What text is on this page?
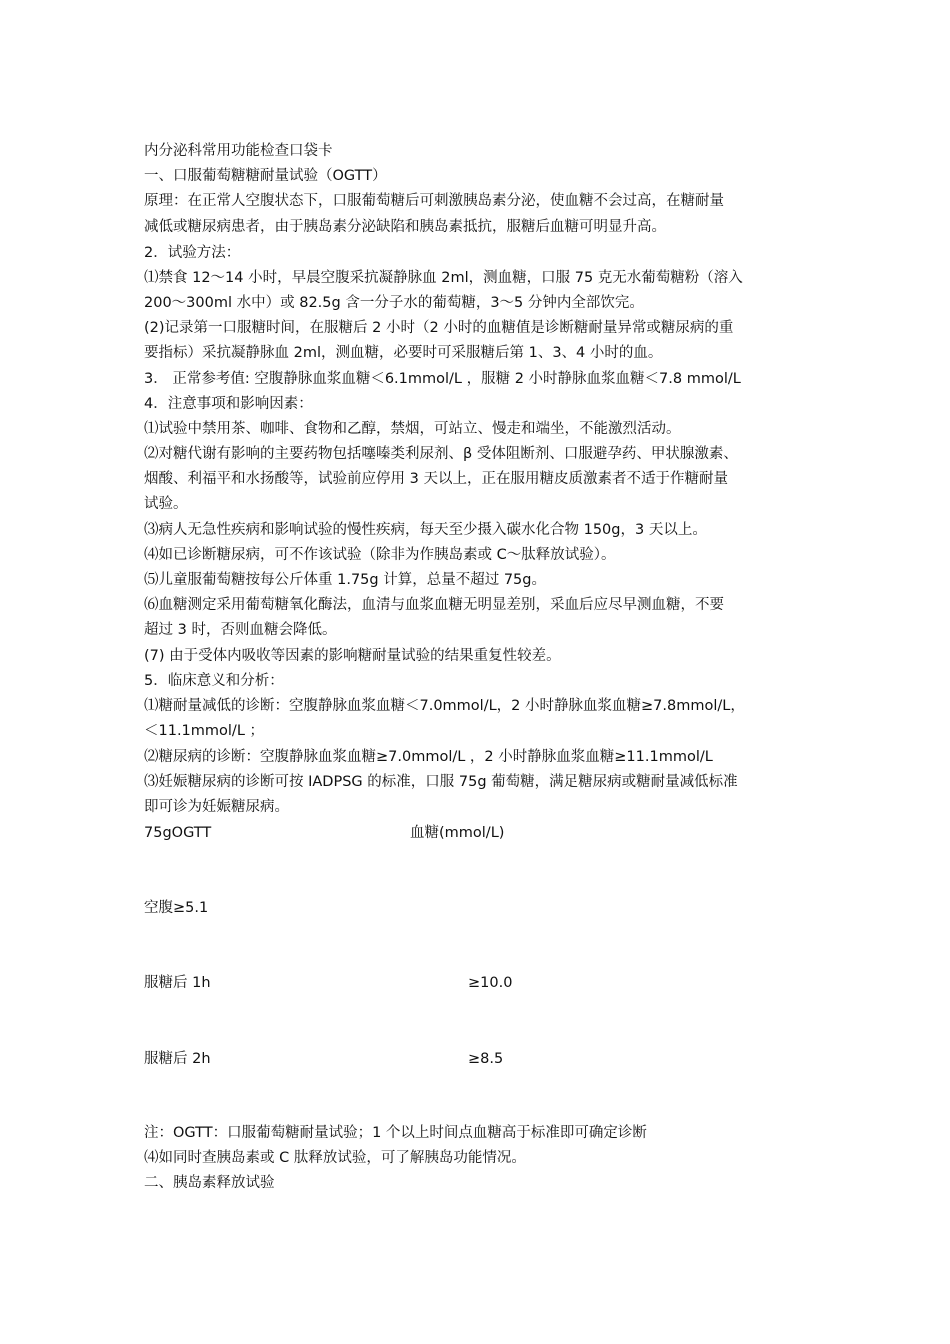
内分泌科常用功能检查口袋卡
一、口服葡萄糖糖耐量试验（OGTT）
原理：在正常人空腹状态下，口服葡萄糖后可刺激胰岛素分泌，使血糖不会过高，在糖耐量
减低或糖尿病患者，由于胰岛素分泌缺陷和胰岛素抵抗，服糖后血糖可明显升高。
2．试验方法：
⑴禁食 12～14 小时，早晨空腹采抗凝静脉血 2ml，测血糖，口服 75 克无水葡萄糖粉（溶入
200～300ml 水中）或 82.5g 含一分子水的葡萄糖，3～5 分钟内全部饮完。
(2)记录第一口服糖时间，在服糖后 2 小时（2 小时的血糖值是诊断糖耐量异常或糖尿病的重
要指标）采抗凝静脉血 2ml，测血糖，必要时可采服糖后第 1、3、4 小时的血。
3． 正常参考值: 空腹静脉血浆血糖＜6.1mmol/L ，服糖 2 小时静脉血浆血糖＜7.8 mmol/L
4．注意事项和影响因素：
⑴试验中禁用茶、咖啡、食物和乙醇，禁烟，可站立、慢走和端坐，不能激烈活动。
⑵对糖代谢有影响的主要药物包括噻嗪类利尿剂、β 受体阻断剂、口服避孕药、甲状腺激素、
烟酸、利福平和水扬酸等，试验前应停用 3 天以上，正在服用糖皮质激素者不适于作糖耐量
试验。
⑶病人无急性疾病和影响试验的慢性疾病，每天至少摄入碳水化合物 150g，3 天以上。
⑷如已诊断糖尿病，可不作该试验（除非为作胰岛素或 C～肽释放试验）。
⑸儿童服葡萄糖按每公斤体重 1.75g 计算，总量不超过 75g。
⑹血糖测定采用葡萄糖氧化酶法，血清与血浆血糖无明显差别，采血后应尽早测血糖，不要
超过 3 时，否则血糖会降低。
(7) 由于受体内吸收等因素的影响糖耐量试验的结果重复性较差。
5．临床意义和分析：
⑴糖耐量减低的诊断：空腹静脉血浆血糖＜7.0mmol/L，2 小时静脉血浆血糖≥7.8mmol/L，
＜11.1mmol/L ；
⑵糖尿病的诊断：空腹静脉血浆血糖≥7.0mmol/L ，2 小时静脉血浆血糖≥11.1mmol/L
⑶妊娠糖尿病的诊断可按 IADPSG 的标准，口服 75g 葡萄糖，满足糖尿病或糖耐量减低标准
即可诊为妊娠糖尿病。
75gOGTT	血糖(mmol/L)
空腹≥5.1
服糖后 1h	≥10.0
服糖后 2h	≥8.5
注：OGTT：口服葡萄糖耐量试验；1 个以上时间点血糖高于标准即可确定诊断
⑷如同时查胰岛素或 C 肽释放试验，可了解胰岛功能情况。
二、胰岛素释放试验
